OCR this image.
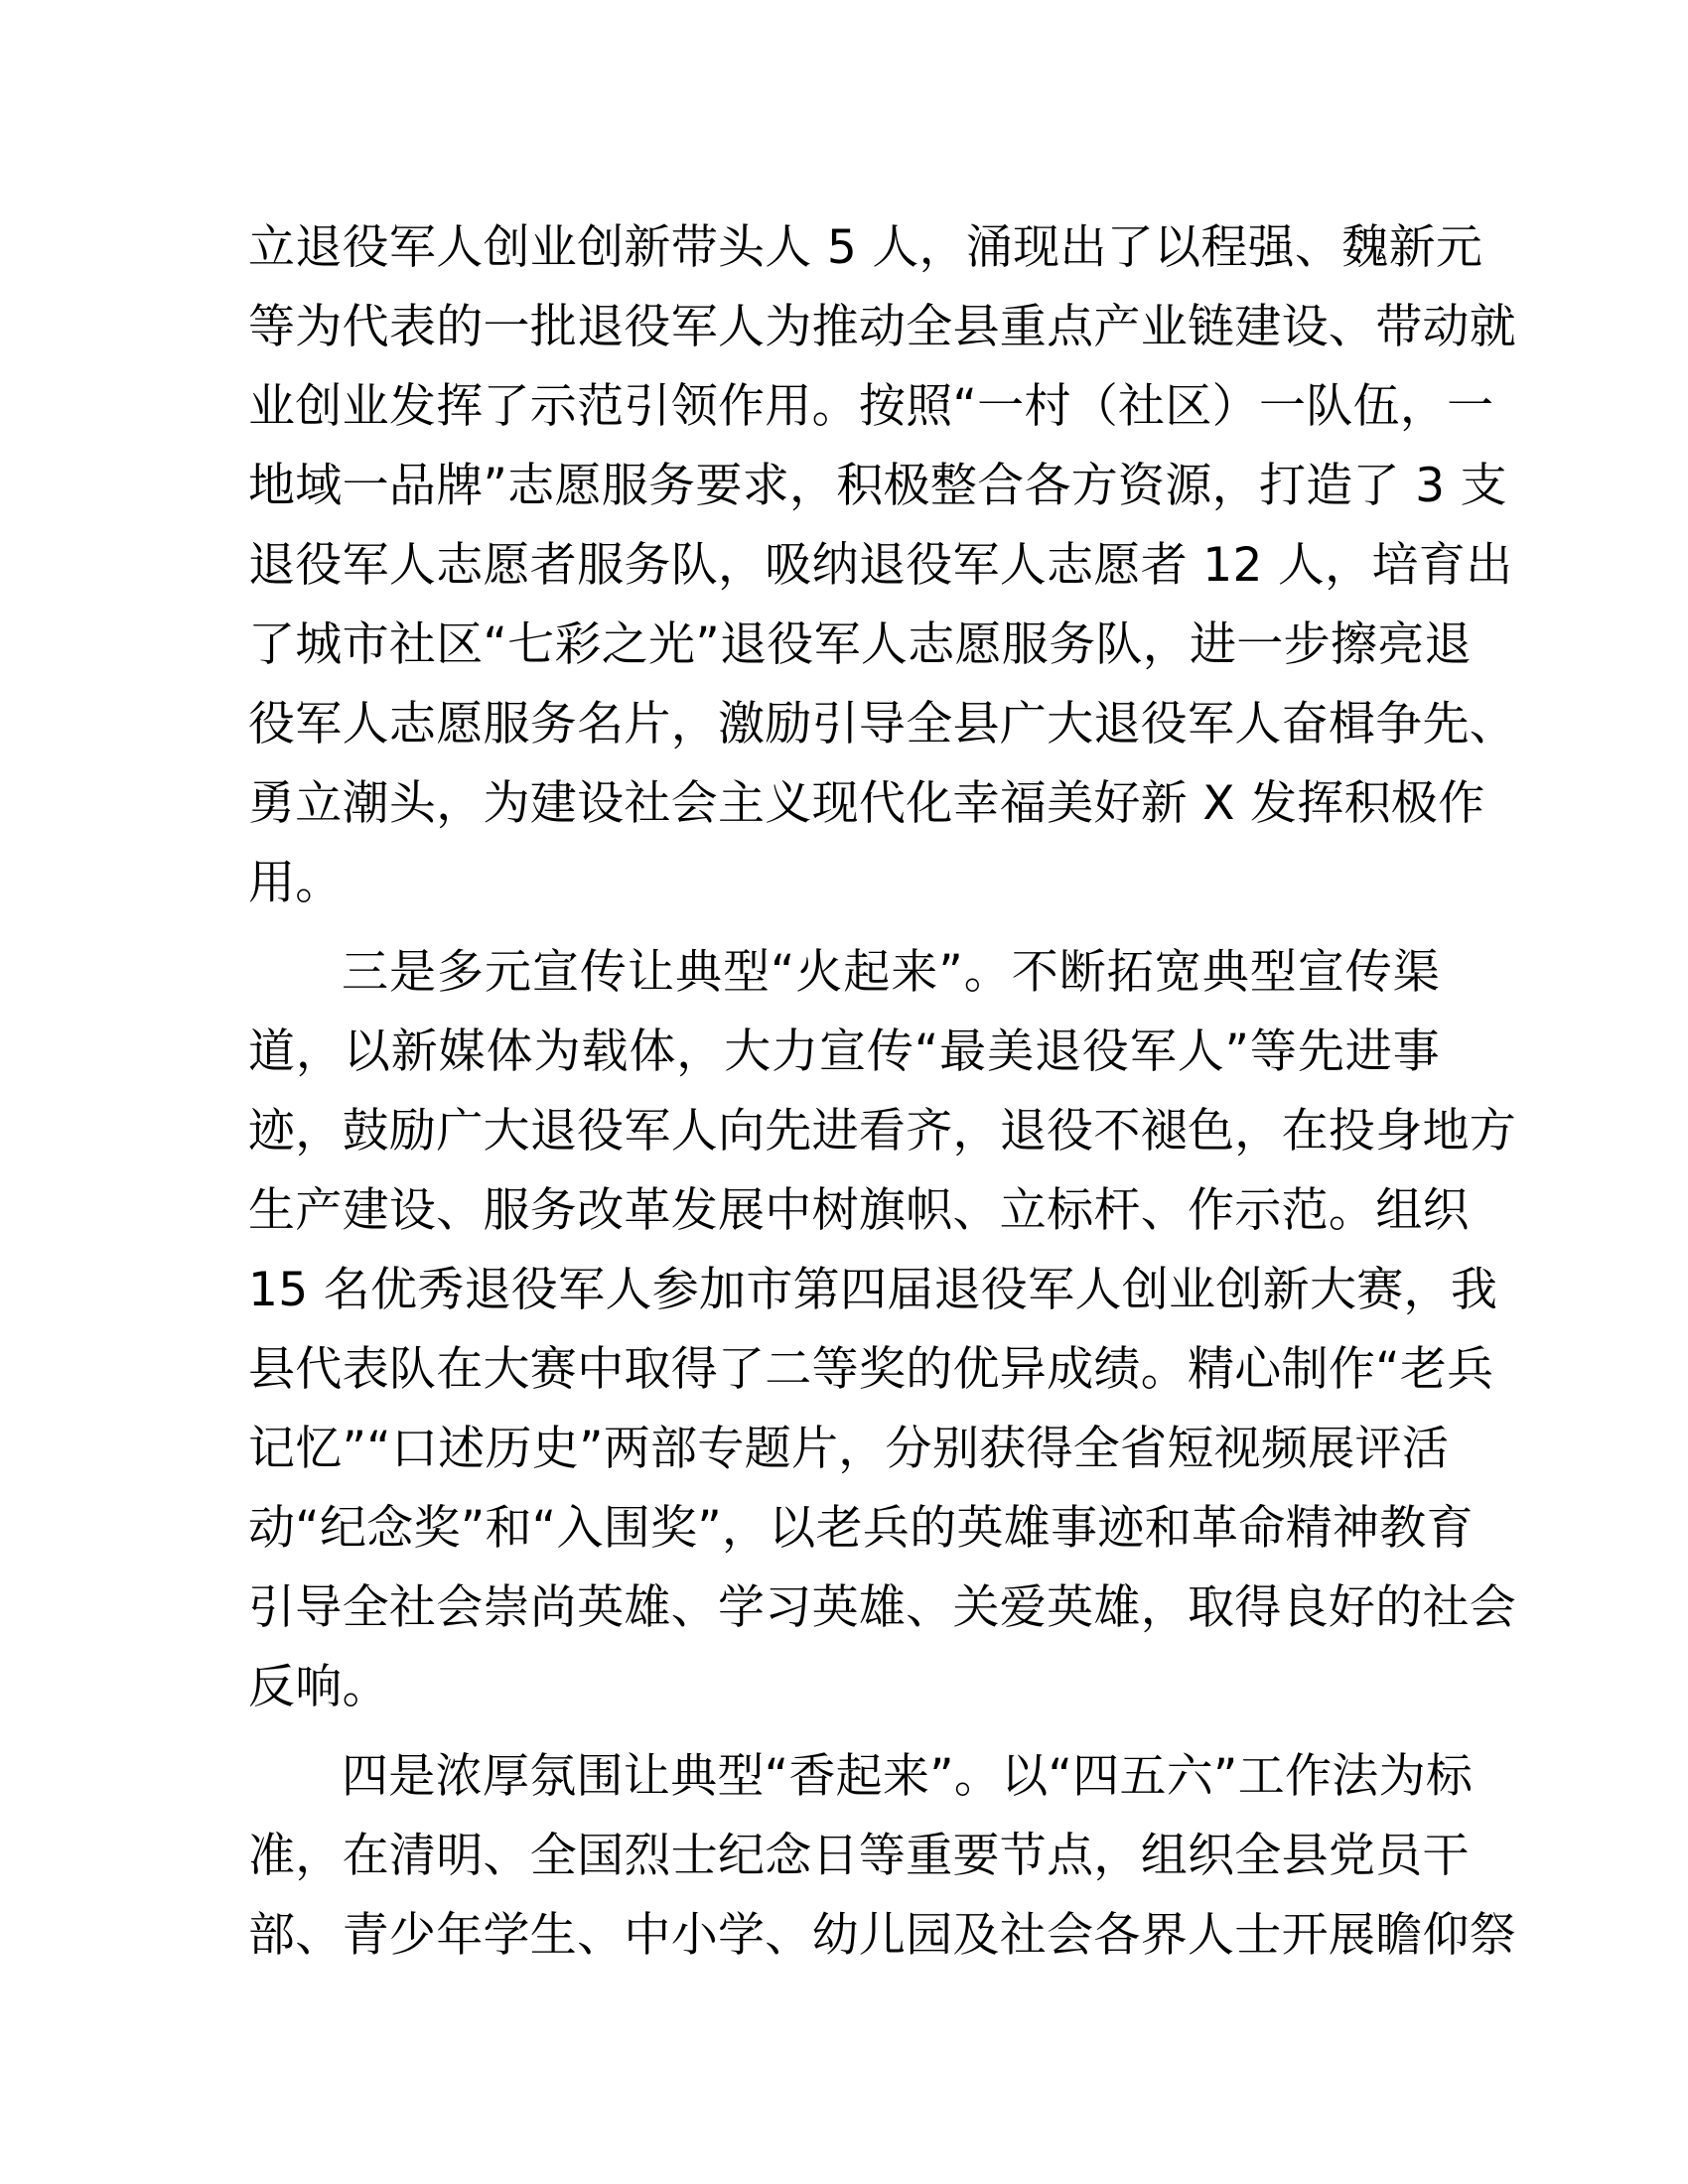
立退役军人创业创新带头人 5 人，涌现出了以程强、魏新元
等为代表的一批退役军人为推动全县重点产业链建设、带动就
业创业发挥了示范引领作用。按照“一村（社区）一队伍，一
地域一品牌”志愿服务要求，积极整合各方资源，打造了 3 支
退役军人志愿者服务队，吸纳退役军人志愿者 12 人，培育出
了城市社区“七彩之光”退役军人志愿服务队，进一步擦亮退
役军人志愿服务名片，激励引导全县广大退役军人奋楫争先、
勇立潮头，为建设社会主义现代化幸福美好新 X 发挥积极作
用。
三是多元宣传让典型“火起来”。不断拓宽典型宣传渠
道，以新媒体为载体，大力宣传“最美退役军人”等先进事
迹，鼓励广大退役军人向先进看齐，退役不褪色，在投身地方
生产建设、服务改革发展中树旗帜、立标杆、作示范。组织
15 名优秀退役军人参加市第四届退役军人创业创新大赛，我
县代表队在大赛中取得了二等奖的优异成绩。精心制作“老兵
记忆”“口述历史”两部专题片，分别获得全省短视频展评活
动“纪念奖”和“入围奖”，以老兵的英雄事迹和革命精神教育
引导全社会崇尚英雄、学习英雄、关爱英雄，取得良好的社会
反响。
四是浓厚氛围让典型“香起来”。以“四五六”工作法为标
准，在清明、全国烈士纪念日等重要节点，组织全县党员干
部、青少年学生、中小学、幼儿园及社会各界人士开展瞻仰祭
